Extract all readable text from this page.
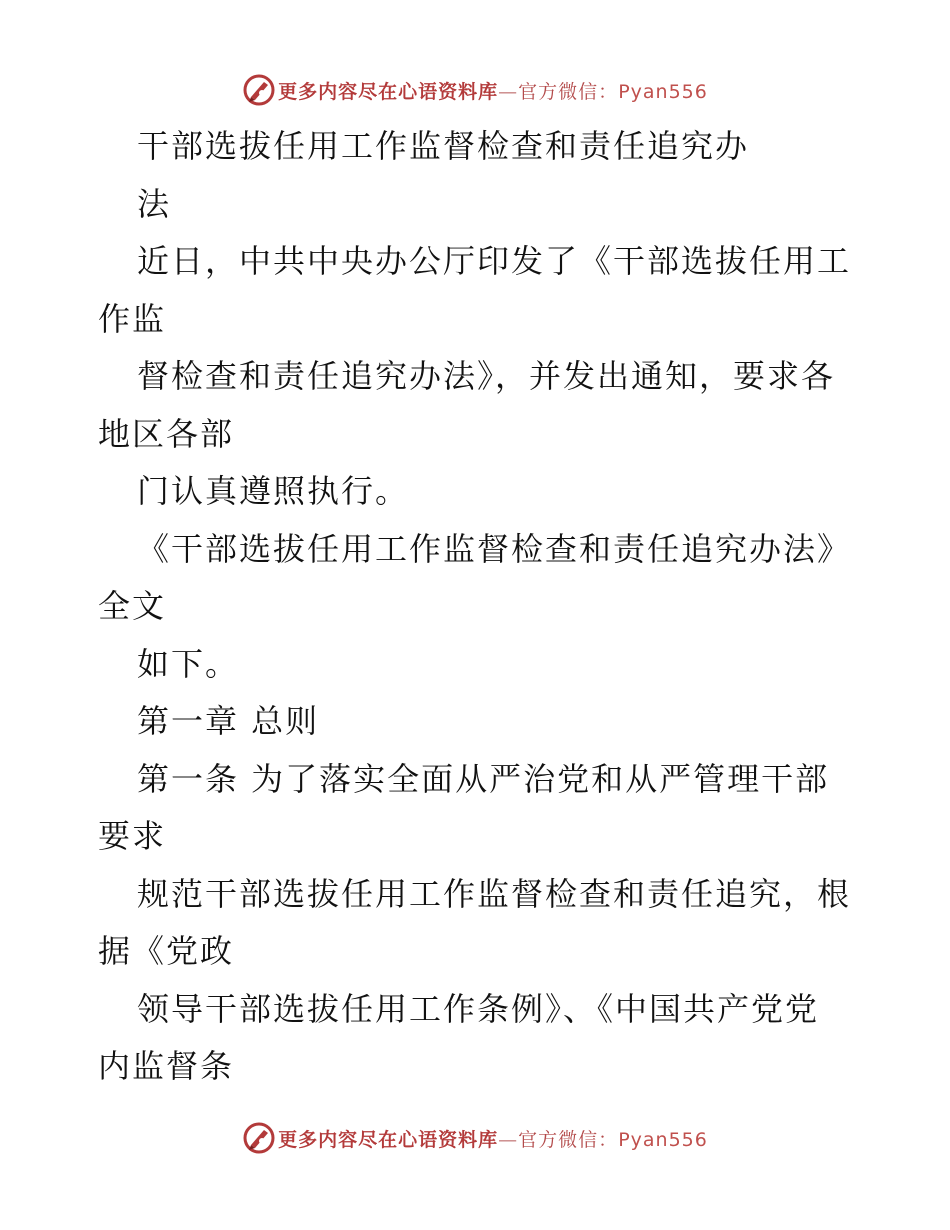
更多内容尽在心语资料库—官方微信：Pyan556
干部选拔任用工作监督检查和责任追究办
法
近日，中共中央办公厅印发了《干部选拔任用工
作监
督检查和责任追究办法》，并发出通知，要求各
地区各部
门认真遵照执行。
《干部选拔任用工作监督检查和责任追究办法》
全文
如下。
第一章 总则
第一条 为了落实全面从严治党和从严管理干部
要求
规范干部选拔任用工作监督检查和责任追究，根
据《党政
领导干部选拔任用工作条例》、《中国共产党党
内监督条
更多内容尽在心语资料库—官方微信：Pyan556
